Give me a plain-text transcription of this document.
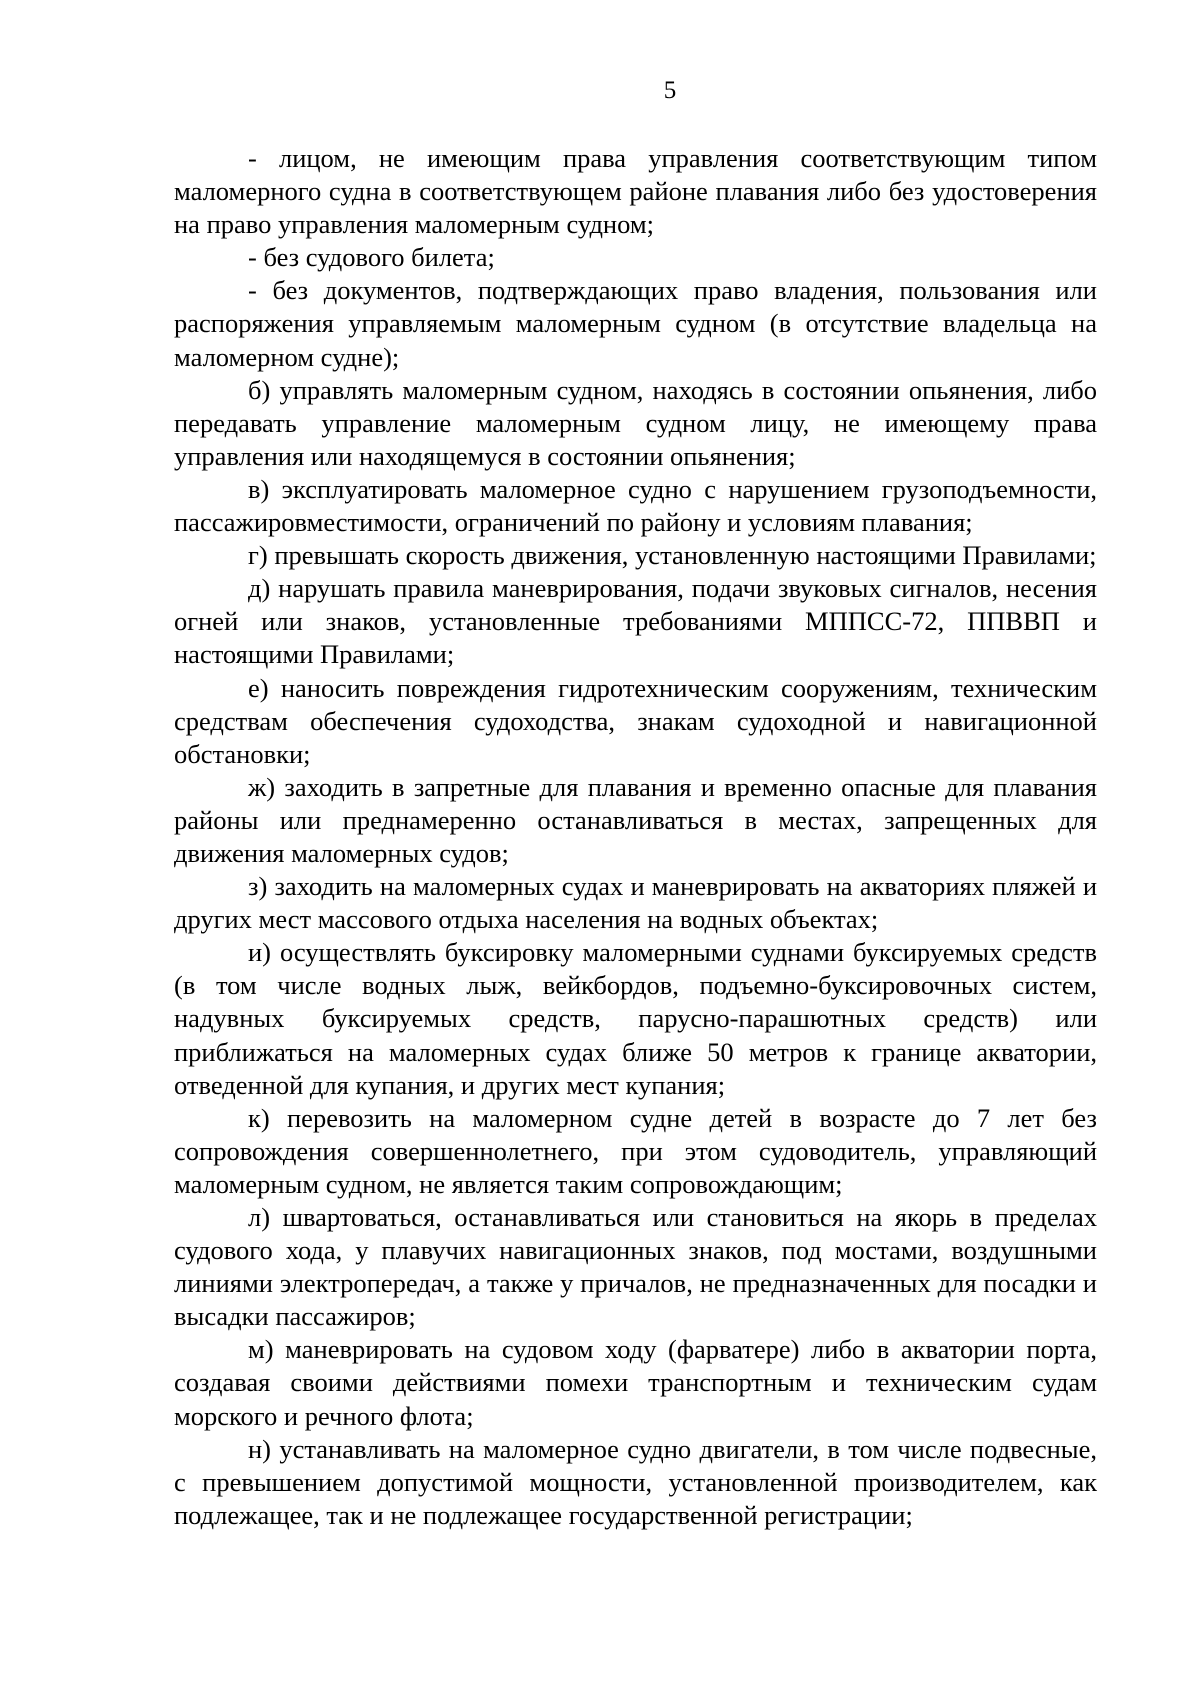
5

- лицом, не имеющим права управления соответствующим типом маломерного судна в соответствующем районе плавания либо без удостоверения на право управления маломерным судном;

- без судового билета;

- без документов, подтверждающих право владения, пользования или распоряжения управляемым маломерным судном (в отсутствие владельца на маломерном судне);

б) управлять маломерным судном, находясь в состоянии опьянения, либо передавать управление маломерным судном лицу, не имеющему права управления или находящемуся в состоянии опьянения;

в) эксплуатировать маломерное судно с нарушением грузоподъемности, пассажировместимости, ограничений по району и условиям плавания;

г) превышать скорость движения, установленную настоящими Правилами;

д) нарушать правила маневрирования, подачи звуковых сигналов, несения огней или знаков, установленные требованиями МППСС-72, ППВВП и настоящими Правилами;

е) наносить повреждения гидротехническим сооружениям, техническим средствам обеспечения судоходства, знакам судоходной и навигационной обстановки;

ж) заходить в запретные для плавания и временно опасные для плавания районы или преднамеренно останавливаться в местах, запрещенных для движения маломерных судов;

з) заходить на маломерных судах и маневрировать на акваториях пляжей и других мест массового отдыха населения на водных объектах;

и) осуществлять буксировку маломерными суднами буксируемых средств (в том числе водных лыж, вейкбордов, подъемно-буксировочных систем, надувных буксируемых средств, парусно-парашютных средств) или приближаться на маломерных судах ближе 50 метров к границе акватории, отведенной для купания, и других мест купания;

к) перевозить на маломерном судне детей в возрасте до 7 лет без сопровождения совершеннолетнего, при этом судоводитель, управляющий маломерным судном, не является таким сопровождающим;

л) швартоваться, останавливаться или становиться на якорь в пределах судового хода, у плавучих навигационных знаков, под мостами, воздушными линиями электропередач, а также у причалов, не предназначенных для посадки и высадки пассажиров;

м) маневрировать на судовом ходу (фарватере) либо в акватории порта, создавая своими действиями помехи транспортным и техническим судам морского и речного флота;

н) устанавливать на маломерное судно двигатели, в том числе подвесные, с превышением допустимой мощности, установленной производителем, как подлежащее, так и не подлежащее государственной регистрации;
